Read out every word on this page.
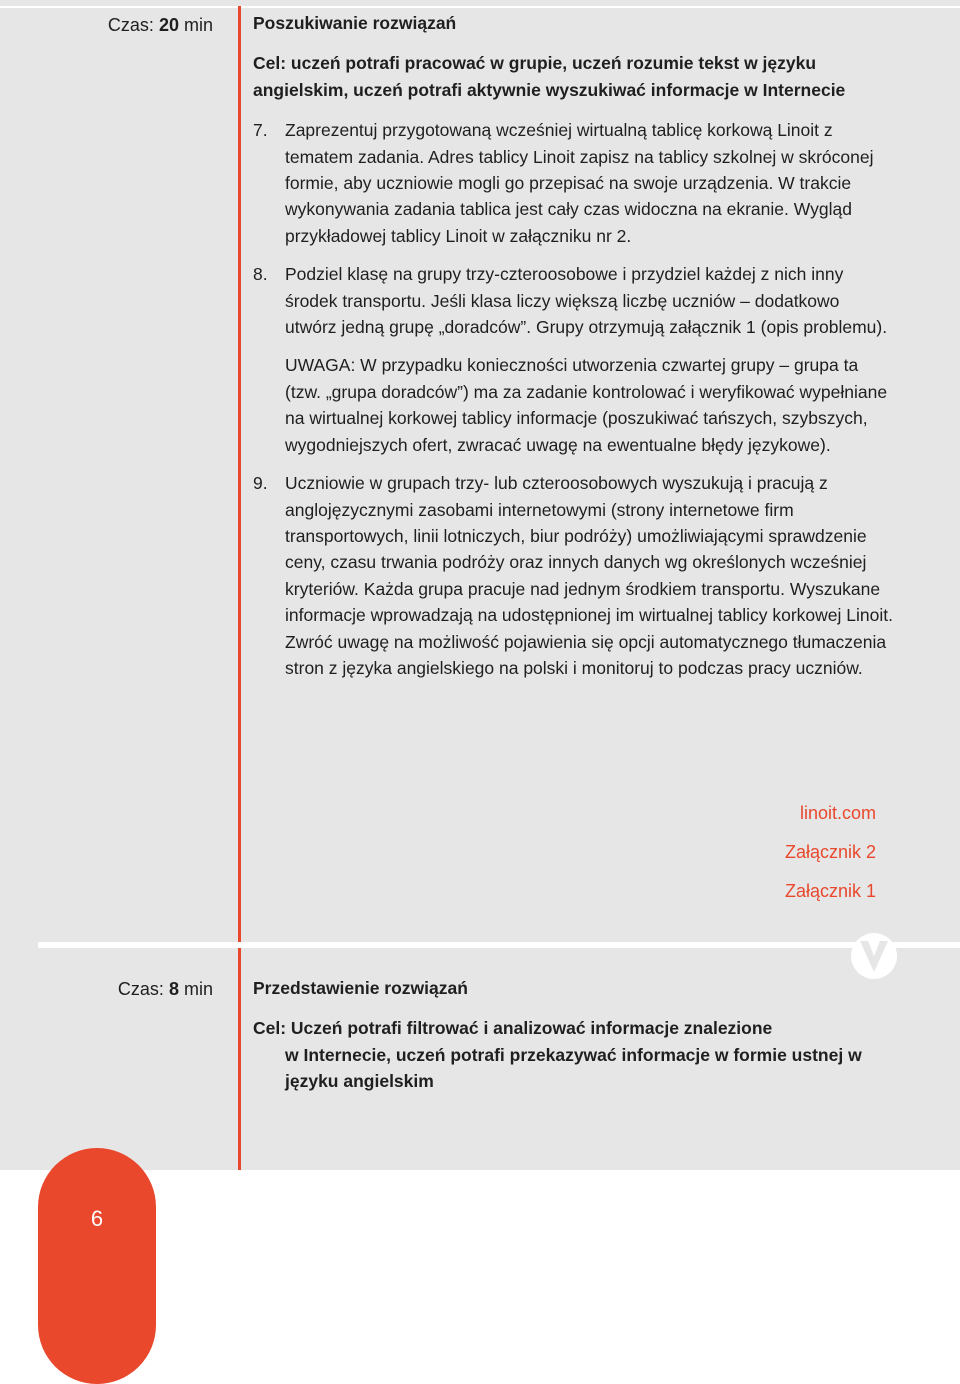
Czas: 20 min Poszukiwanie rozwiązań
Cel: uczeń potrafi pracować w grupie, uczeń rozumie tekst w języku angielskim, uczeń potrafi aktywnie wyszukiwać informacje w Internecie
7. Zaprezentuj przygotowaną wcześniej wirtualną tablicę korkową Linoit z tematem zadania. Adres tablicy Linoit zapisz na tablicy szkolnej w skróconej formie, aby uczniowie mogli go przepisać na swoje urządzenia. W trakcie wykonywania zadania tablica jest cały czas widoczna na ekranie. Wygląd przykładowej tablicy Linoit w załączniku nr 2.
8. Podziel klasę na grupy trzy-czteroosobowe i przydziel każdej z nich inny środek transportu. Jeśli klasa liczy większą liczbę uczniów – dodatkowo utwórz jedną grupę „doradców”. Grupy otrzymują załącznik 1 (opis problemu).
UWAGA: W przypadku konieczności utworzenia czwartej grupy – grupa ta (tzw. „grupa doradców”) ma za zadanie kontrolować i weryfikować wypełniane na wirtualnej korkowej tablicy informacje (poszukiwać tańszych, szybszych, wygodniejszych ofert, zwracać uwagę na ewentualne błędy językowe).
9. Uczniowie w grupach trzy- lub czteroosobowych wyszukują i pracują z anglojęzycznymi zasobami internetowymi (strony internetowe firm transportowych, linii lotniczych, biur podróży) umożliwiającymi sprawdzenie ceny, czasu trwania podróży oraz innych danych wg określonych wcześniej kryteriów. Każda grupa pracuje nad jednym środkiem transportu. Wyszukane informacje wprowadzają na udostępnionej im wirtualnej tablicy korkowej Linoit. Zwróć uwagę na możliwość pojawienia się opcji automatycznego tłumaczenia stron z języka angielskiego na polski i monitoruj to podczas pracy uczniów.
linoit.com
Załącznik 2
Załącznik 1
Czas: 8 min Przedstawienie rozwiązań
Cel: Uczeń potrafi filtrować i analizować informacje znalezione
w Internecie, uczeń potrafi przekazywać informacje w formie ustnej w języku angielskim
6
